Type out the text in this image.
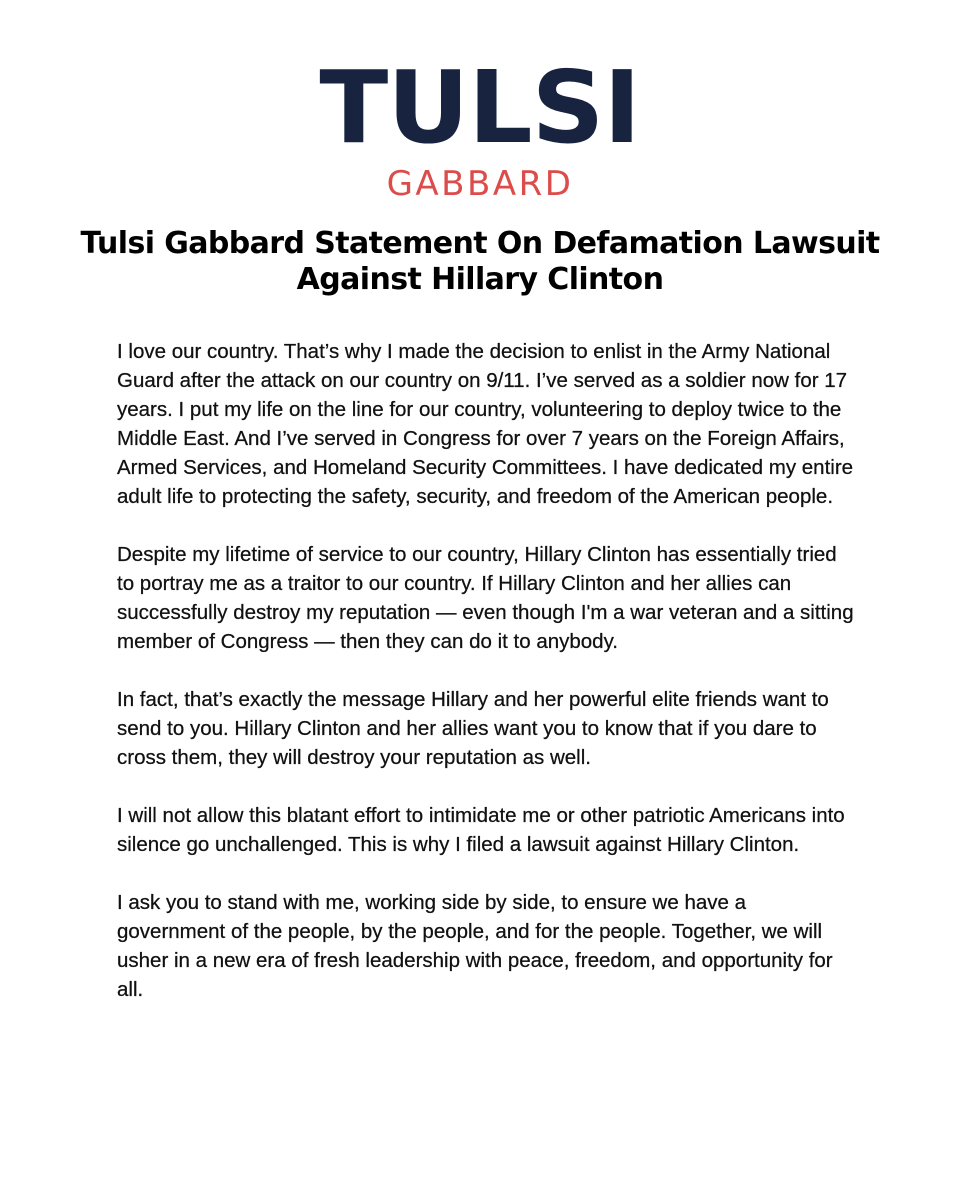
TULSI
GABBARD
Tulsi Gabbard Statement On Defamation Lawsuit Against Hillary Clinton

I love our country. That’s why I made the decision to enlist in the Army National Guard after the attack on our country on 9/11. I’ve served as a soldier now for 17 years. I put my life on the line for our country, volunteering to deploy twice to the Middle East. And I’ve served in Congress for over 7 years on the Foreign Affairs, Armed Services, and Homeland Security Committees. I have dedicated my entire adult life to protecting the safety, security, and freedom of the American people.

Despite my lifetime of service to our country, Hillary Clinton has essentially tried to portray me as a traitor to our country. If Hillary Clinton and her allies can successfully destroy my reputation — even though I'm a war veteran and a sitting member of Congress — then they can do it to anybody.

In fact, that’s exactly the message Hillary and her powerful elite friends want to send to you. Hillary Clinton and her allies want you to know that if you dare to cross them, they will destroy your reputation as well.

I will not allow this blatant effort to intimidate me or other patriotic Americans into silence go unchallenged. This is why I filed a lawsuit against Hillary Clinton.

I ask you to stand with me, working side by side, to ensure we have a government of the people, by the people, and for the people. Together, we will usher in a new era of fresh leadership with peace, freedom, and opportunity for all.
